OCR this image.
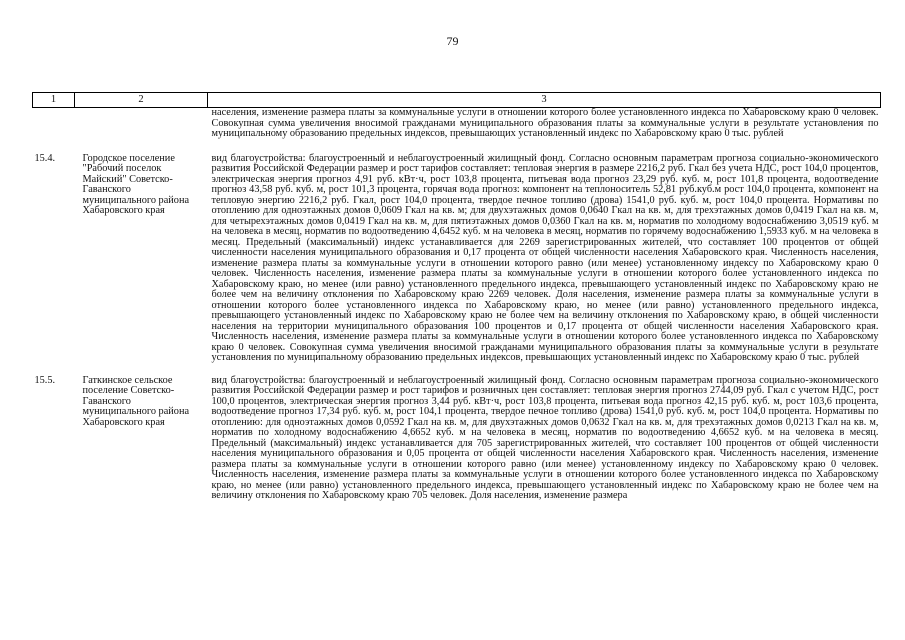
79
1	2	3
		населения, изменение размера платы за коммунальные услуги в отношении которого более установленного индекса по Хабаровскому краю 0 человек. Совокупная сумма увеличения вносимой гражданами муниципального образования платы за коммунальные услуги в результате установления по муниципальному образованию предельных индексов, превышающих установленный индекс по Хабаровскому краю 0 тыс. рублей
15.4.	Городское поселение "Рабочий поселок Майский" Советско-Гаванского муниципального района Хабаровского края	вид благоустройства: благоустроенный и неблагоустроенный жилищный фонд. Согласно основным параметрам прогноза социально-экономического развития Российской Федерации размер и рост тарифов составляет: тепловая энергия в размере 2216,2 руб. Гкал без учета НДС, рост 104,0 процентов, электрическая энергия прогноз 4,91 руб. кВт·ч, рост 103,8 процента, питьевая вода прогноз 23,29 руб. куб. м, рост 101,8 процента, водоотведение прогноз 43,58 руб. куб. м, рост 101,3 процента, горячая вода прогноз: компонент на теплоноситель 52,81 руб.куб.м рост 104,0 процента, компонент на тепловую энергию 2216,2 руб. Гкал, рост 104,0 процента, твердое печное топливо (дрова) 1541,0 руб. куб. м, рост 104,0 процента. Нормативы по отоплению для одноэтажных домов 0,0609 Гкал на кв. м; для двухэтажных домов 0,0640 Гкал на кв. м, для трехэтажных домов 0,0419 Гкал на кв. м, для четырехэтажных домов 0,0419 Гкал на кв. м, для пятиэтажных домов 0,0360 Гкал на кв. м, норматив по холодному водоснабжению 3,0519 куб. м на человека в месяц, норматив по водоотведению 4,6452 куб. м на человека в месяц, норматив по горячему водоснабжению 1,5933 куб. м на человека в месяц. Предельный (максимальный) индекс устанавливается для 2269 зарегистрированных жителей, что составляет 100 процентов от общей численности населения муниципального образования и 0,17 процента от общей численности населения Хабаровского края. Численность населения, изменение размера платы за коммунальные услуги в отношении которого равно (или менее) установленному индексу по Хабаровскому краю 0 человек. Численность населения, изменение размера платы за коммунальные услуги в отношении которого более установленного индекса по Хабаровскому краю, но менее (или равно) установленного предельного индекса, превышающего установленный индекс по Хабаровскому краю не более чем на величину отклонения по Хабаровскому краю 2269 человек. Доля населения, изменение размера платы за коммунальные услуги в отношении которого более установленного индекса по Хабаровскому краю, но менее (или равно) установленного предельного индекса, превышающего установленный индекс по Хабаровскому краю не более чем на величину отклонения по Хабаровскому краю, в общей численности населения на территории муниципального образования 100 процентов и 0,17 процента от общей численности населения Хабаровского края. Численность населения, изменение размера платы за коммунальные услуги в отношении которого более установленного индекса по Хабаровскому краю 0 человек. Совокупная сумма увеличения вносимой гражданами муниципального образования платы за коммунальные услуги в результате установления по муниципальному образованию предельных индексов, превышающих установленный индекс по Хабаровскому краю 0 тыс. рублей
15.5.	Гаткинское сельское поселение Советско-Гаванского муниципального района Хабаровского края	вид благоустройства: благоустроенный и неблагоустроенный жилищный фонд. Согласно основным параметрам прогноза социально-экономического развития Российской Федерации размер и рост тарифов и розничных цен составляет: тепловая энергия прогноз 2744,09 руб. Гкал с учетом НДС, рост 100,0 процентов, электрическая энергия прогноз 3,44 руб. кВт·ч, рост 103,8 процента, питьевая вода прогноз 42,15 руб. куб. м, рост 103,6 процента, водоотведение прогноз 17,34 руб. куб. м, рост 104,1 процента, твердое печное топливо (дрова) 1541,0 руб. куб. м, рост 104,0 процента. Нормативы по отоплению: для одноэтажных домов 0,0592 Гкал на кв. м, для двухэтажных домов 0,0632 Гкал на кв. м, для трехэтажных домов 0,0213 Гкал на кв. м, норматив по холодному водоснабжению 4,6652 куб. м на человека в месяц, норматив по водоотведению 4,6652 куб. м на человека в месяц. Предельный (максимальный) индекс устанавливается для 705 зарегистрированных жителей, что составляет 100 процентов от общей численности населения муниципального образования и 0,05 процента от общей численности населения Хабаровского края. Численность населения, изменение размера платы за коммунальные услуги в отношении которого равно (или менее) установленному индексу по Хабаровскому краю 0 человек. Численность населения, изменение размера платы за коммунальные услуги в отношении которого более установленного индекса по Хабаровскому краю, но менее (или равно) установленного предельного индекса, превышающего установленный индекс по Хабаровскому краю не более чем на величину отклонения по Хабаровскому краю 705 человек. Доля населения, изменение размера
